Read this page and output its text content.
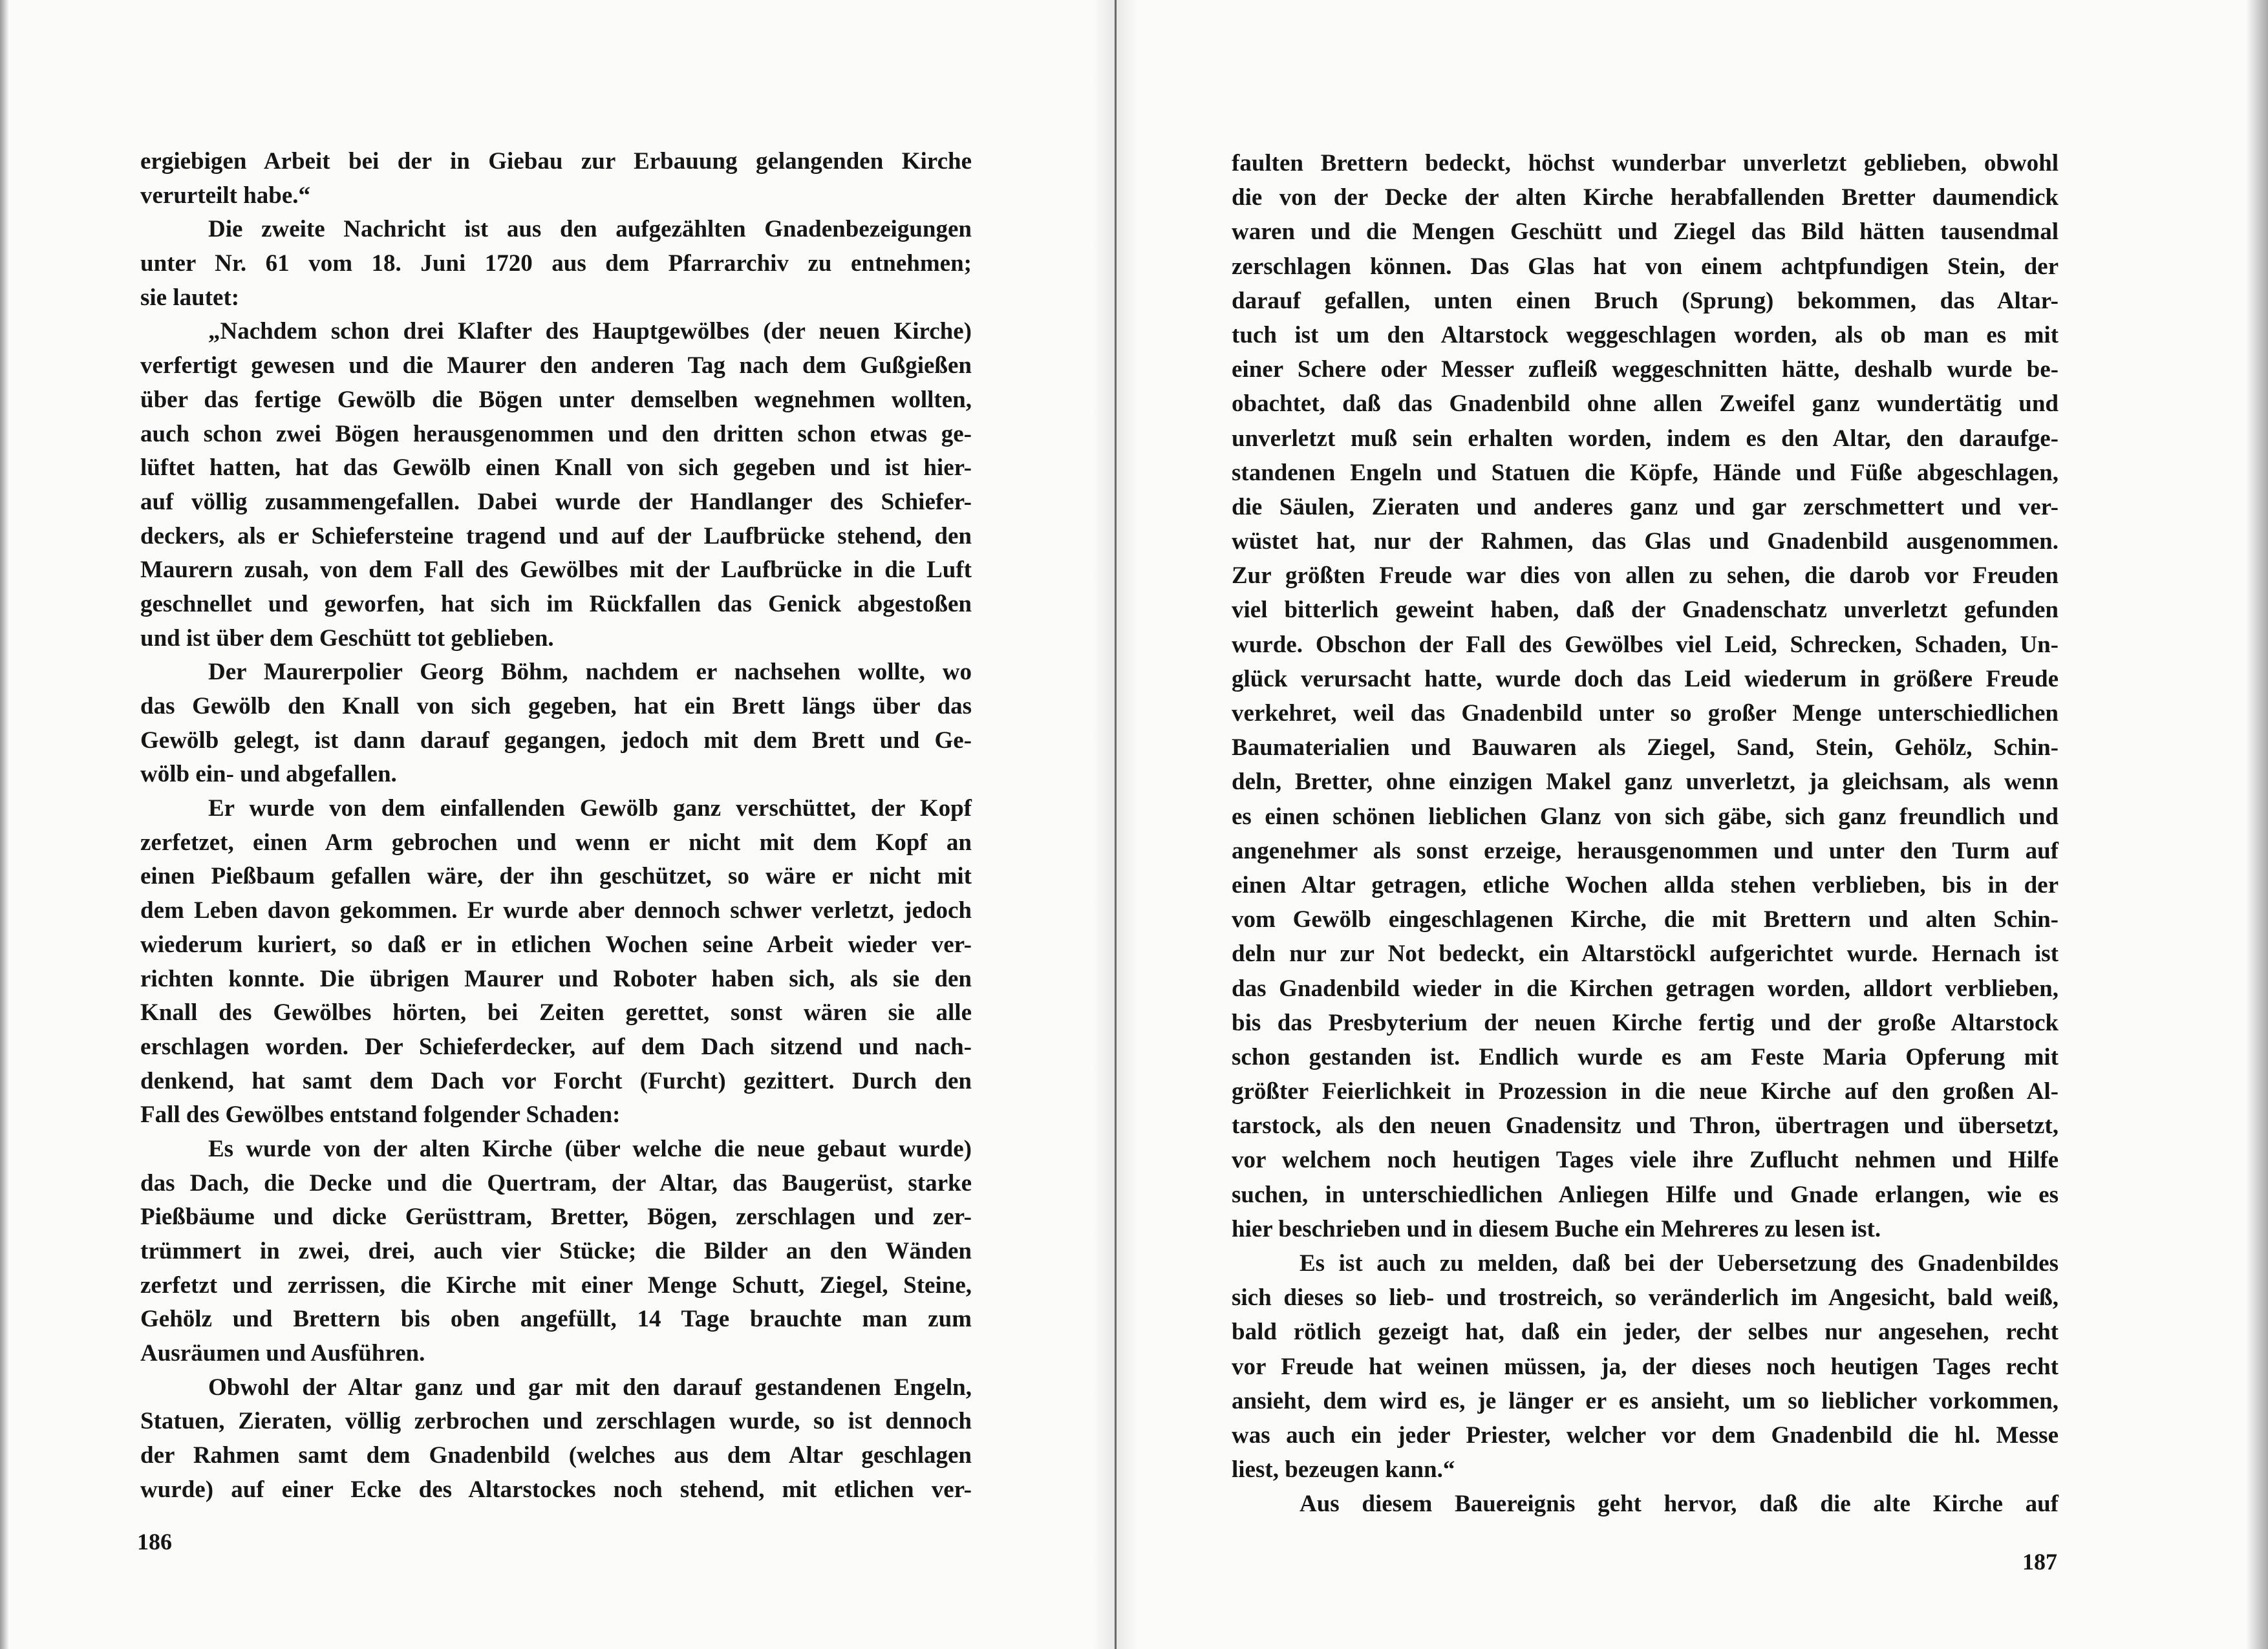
ergiebigen Arbeit bei der in Giebau zur Erbauung gelangenden Kirche
verurteilt habe.“
Die zweite Nachricht ist aus den aufgezählten Gnadenbezeigungen
unter Nr. 61 vom 18. Juni 1720 aus dem Pfarrarchiv zu entnehmen;
sie lautet:
„Nachdem schon drei Klafter des Hauptgewölbes (der neuen Kirche)
verfertigt gewesen und die Maurer den anderen Tag nach dem Gußgießen
über das fertige Gewölb die Bögen unter demselben wegnehmen wollten,
auch schon zwei Bögen herausgenommen und den dritten schon etwas ge-
lüftet hatten, hat das Gewölb einen Knall von sich gegeben und ist hier-
auf völlig zusammengefallen. Dabei wurde der Handlanger des Schiefer-
deckers, als er Schiefersteine tragend und auf der Laufbrücke stehend, den
Maurern zusah, von dem Fall des Gewölbes mit der Laufbrücke in die Luft
geschnellet und geworfen, hat sich im Rückfallen das Genick abgestoßen
und ist über dem Geschütt tot geblieben.
Der Maurerpolier Georg Böhm, nachdem er nachsehen wollte, wo
das Gewölb den Knall von sich gegeben, hat ein Brett längs über das
Gewölb gelegt, ist dann darauf gegangen, jedoch mit dem Brett und Ge-
wölb ein- und abgefallen.
Er wurde von dem einfallenden Gewölb ganz verschüttet, der Kopf
zerfetzet, einen Arm gebrochen und wenn er nicht mit dem Kopf an
einen Pießbaum gefallen wäre, der ihn geschützet, so wäre er nicht mit
dem Leben davon gekommen. Er wurde aber dennoch schwer verletzt, jedoch
wiederum kuriert, so daß er in etlichen Wochen seine Arbeit wieder ver-
richten konnte. Die übrigen Maurer und Roboter haben sich, als sie den
Knall des Gewölbes hörten, bei Zeiten gerettet, sonst wären sie alle
erschlagen worden. Der Schieferdecker, auf dem Dach sitzend und nach-
denkend, hat samt dem Dach vor Forcht (Furcht) gezittert. Durch den
Fall des Gewölbes entstand folgender Schaden:
Es wurde von der alten Kirche (über welche die neue gebaut wurde)
das Dach, die Decke und die Quertram, der Altar, das Baugerüst, starke
Pießbäume und dicke Gerüsttram, Bretter, Bögen, zerschlagen und zer-
trümmert in zwei, drei, auch vier Stücke; die Bilder an den Wänden
zerfetzt und zerrissen, die Kirche mit einer Menge Schutt, Ziegel, Steine,
Gehölz und Brettern bis oben angefüllt, 14 Tage brauchte man zum
Ausräumen und Ausführen.
Obwohl der Altar ganz und gar mit den darauf gestandenen Engeln,
Statuen, Zieraten, völlig zerbrochen und zerschlagen wurde, so ist dennoch
der Rahmen samt dem Gnadenbild (welches aus dem Altar geschlagen
wurde) auf einer Ecke des Altarstockes noch stehend, mit etlichen ver-
186
faulten Brettern bedeckt, höchst wunderbar unverletzt geblieben, obwohl
die von der Decke der alten Kirche herabfallenden Bretter daumendick
waren und die Mengen Geschütt und Ziegel das Bild hätten tausendmal
zerschlagen können. Das Glas hat von einem achtpfundigen Stein, der
darauf gefallen, unten einen Bruch (Sprung) bekommen, das Altar-
tuch ist um den Altarstock weggeschlagen worden, als ob man es mit
einer Schere oder Messer zufleiß weggeschnitten hätte, deshalb wurde be-
obachtet, daß das Gnadenbild ohne allen Zweifel ganz wundertätig und
unverletzt muß sein erhalten worden, indem es den Altar, den daraufge-
standenen Engeln und Statuen die Köpfe, Hände und Füße abgeschlagen,
die Säulen, Zieraten und anderes ganz und gar zerschmettert und ver-
wüstet hat, nur der Rahmen, das Glas und Gnadenbild ausgenommen.
Zur größten Freude war dies von allen zu sehen, die darob vor Freuden
viel bitterlich geweint haben, daß der Gnadenschatz unverletzt gefunden
wurde. Obschon der Fall des Gewölbes viel Leid, Schrecken, Schaden, Un-
glück verursacht hatte, wurde doch das Leid wiederum in größere Freude
verkehret, weil das Gnadenbild unter so großer Menge unterschiedlichen
Baumaterialien und Bauwaren als Ziegel, Sand, Stein, Gehölz, Schin-
deln, Bretter, ohne einzigen Makel ganz unverletzt, ja gleichsam, als wenn
es einen schönen lieblichen Glanz von sich gäbe, sich ganz freundlich und
angenehmer als sonst erzeige, herausgenommen und unter den Turm auf
einen Altar getragen, etliche Wochen allda stehen verblieben, bis in der
vom Gewölb eingeschlagenen Kirche, die mit Brettern und alten Schin-
deln nur zur Not bedeckt, ein Altarstöckl aufgerichtet wurde. Hernach ist
das Gnadenbild wieder in die Kirchen getragen worden, alldort verblieben,
bis das Presbyterium der neuen Kirche fertig und der große Altarstock
schon gestanden ist. Endlich wurde es am Feste Maria Opferung mit
größter Feierlichkeit in Prozession in die neue Kirche auf den großen Al-
tarstock, als den neuen Gnadensitz und Thron, übertragen und übersetzt,
vor welchem noch heutigen Tages viele ihre Zuflucht nehmen und Hilfe
suchen, in unterschiedlichen Anliegen Hilfe und Gnade erlangen, wie es
hier beschrieben und in diesem Buche ein Mehreres zu lesen ist.
Es ist auch zu melden, daß bei der Uebersetzung des Gnadenbildes
sich dieses so lieb- und trostreich, so veränderlich im Angesicht, bald weiß,
bald rötlich gezeigt hat, daß ein jeder, der selbes nur angesehen, recht
vor Freude hat weinen müssen, ja, der dieses noch heutigen Tages recht
ansieht, dem wird es, je länger er es ansieht, um so lieblicher vorkommen,
was auch ein jeder Priester, welcher vor dem Gnadenbild die hl. Messe
liest, bezeugen kann.“
Aus diesem Bauereignis geht hervor, daß die alte Kirche auf
187
